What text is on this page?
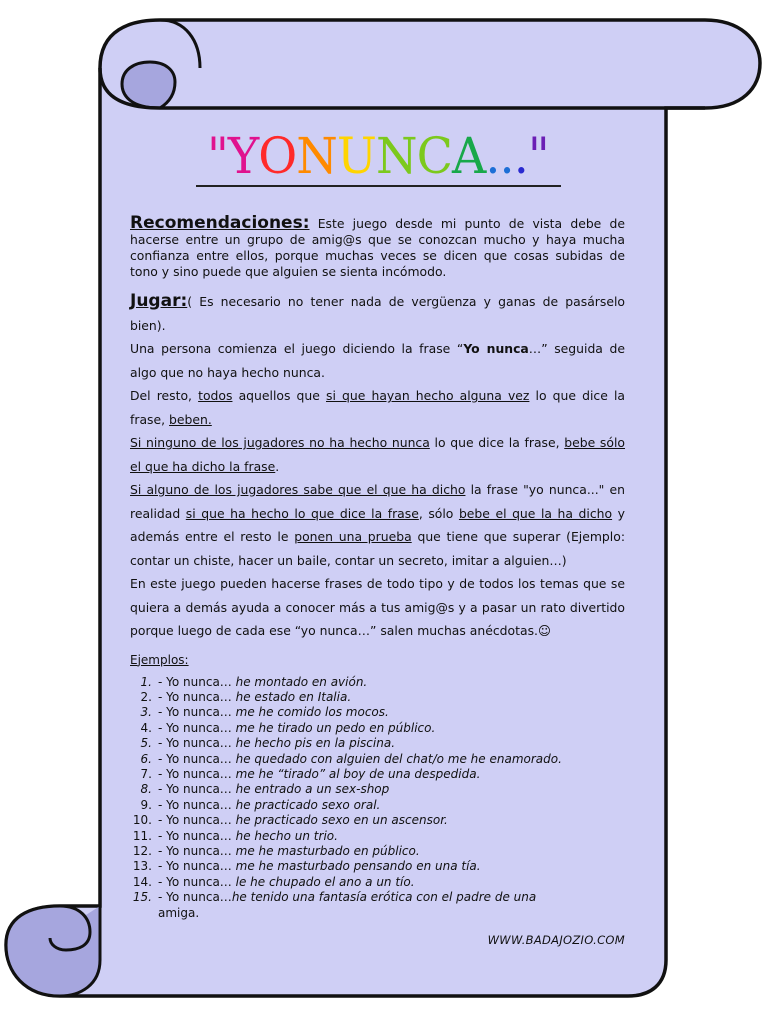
"YONUNCA..."

Recomendaciones: Este juego desde mi punto de vista debe de hacerse entre un grupo de amig@s que se conozcan mucho y haya mucha confianza entre ellos, porque muchas veces se dicen que cosas subidas de tono y sino puede que alguien se sienta incómodo.

Jugar:( Es necesario no tener nada de vergüenza y ganas de pasárselo bien).

Una persona comienza el juego diciendo la frase “Yo nunca…” seguida de algo que no haya hecho nunca.

Del resto, todos aquellos que si que hayan hecho alguna vez lo que dice la frase, beben.

Si ninguno de los jugadores no ha hecho nunca lo que dice la frase, bebe sólo el que ha dicho la frase.

Si alguno de los jugadores sabe que el que ha dicho la frase "yo nunca..." en realidad si que ha hecho lo que dice la frase, sólo bebe el que la ha dicho y además entre el resto le ponen una prueba que tiene que superar (Ejemplo: contar un chiste, hacer un baile, contar un secreto, imitar a alguien…)

En este juego pueden hacerse frases de todo tipo y de todos los temas que se quiera a demás ayuda a conocer más a tus amig@s y a pasar un rato divertido porque luego de cada ese “yo nunca…” salen muchas anécdotas.☺

Ejemplos:
1. - Yo nunca… he montado en avión.
2. - Yo nunca… he estado en Italia.
3. - Yo nunca… me he comido los mocos.
4. - Yo nunca… me he tirado un pedo en público.
5. - Yo nunca… he hecho pis en la piscina.
6. - Yo nunca… he quedado con alguien del chat/o me he enamorado.
7. - Yo nunca… me he “tirado” al boy de una despedida.
8. - Yo nunca… he entrado a un sex-shop
9. - Yo nunca… he practicado sexo oral.
10. - Yo nunca… he practicado sexo en un ascensor.
11. - Yo nunca… he hecho un trio.
12. - Yo nunca… me he masturbado en público.
13. - Yo nunca… me he masturbado pensando en una tía.
14. - Yo nunca… le he chupado el ano a un tío.
15. - Yo nunca…he tenido una fantasía erótica con el padre de una
amiga.
WWW.BADAJOZIO.COM
